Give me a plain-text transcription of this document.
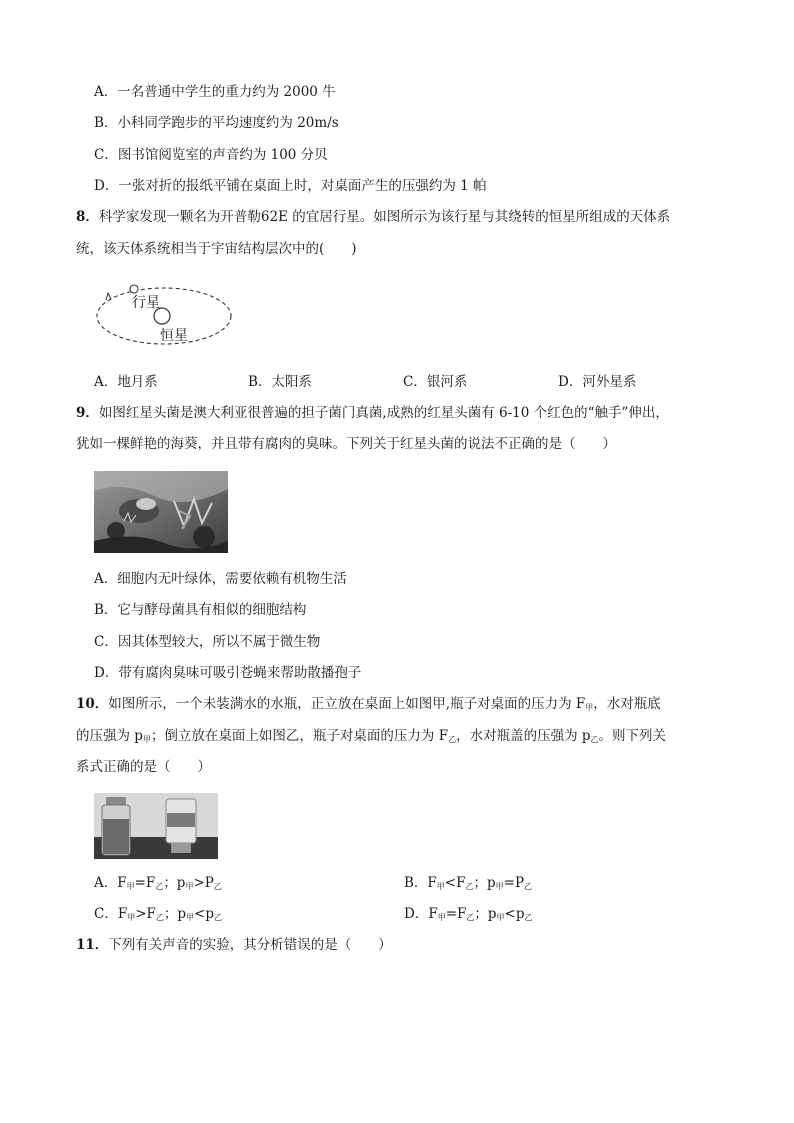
A．一名普通中学生的重力约为 2000 牛
B．小科同学跑步的平均速度约为 20m/s
C．图书馆阅览室的声音约为 100 分贝
D．一张对折的报纸平铺在桌面上时，对桌面产生的压强约为 1 帕
8．科学家发现一颗名为开普勒62E 的宜居行星。如图所示为该行星与其绕转的恒星所组成的天体系
统，该天体系统相当于宇宙结构层次中的(　　)
行星
恒星
A．地月系	B．太阳系	C．银河系	D．河外星系
9．如图红星头菌是澳大利亚很普遍的担子菌门真菌,成熟的红星头菌有 6-10 个红色的“触手”伸出，
犹如一棵鲜艳的海葵，并且带有腐肉的臭味。下列关于红星头菌的说法不正确的是（　　）
A．细胞内无叶绿体，需要依赖有机物生活
B．它与酵母菌具有相似的细胞结构
C．因其体型较大，所以不属于微生物
D．带有腐肉臭味可吸引苍蝇来帮助散播孢子
10．如图所示，一个未装满水的水瓶，正立放在桌面上如图甲,瓶子对桌面的压力为 $F_甲$，水对瓶底
的压强为 $p_甲$；倒立放在桌面上如图乙，瓶子对桌面的压力为 $F_乙$，水对瓶盖的压强为 $p_乙$。则下列关
系式正确的是（　　）
A．$F_甲=F_乙$；$p_甲>P_乙$	B．$F_甲<F_乙$；$p_甲=P_乙$
C．$F_甲>F_乙$；$p_甲<p_乙$	D．$F_甲=F_乙$；$p_甲<p_乙$
11．下列有关声音的实验，其分析错误的是（　　）
